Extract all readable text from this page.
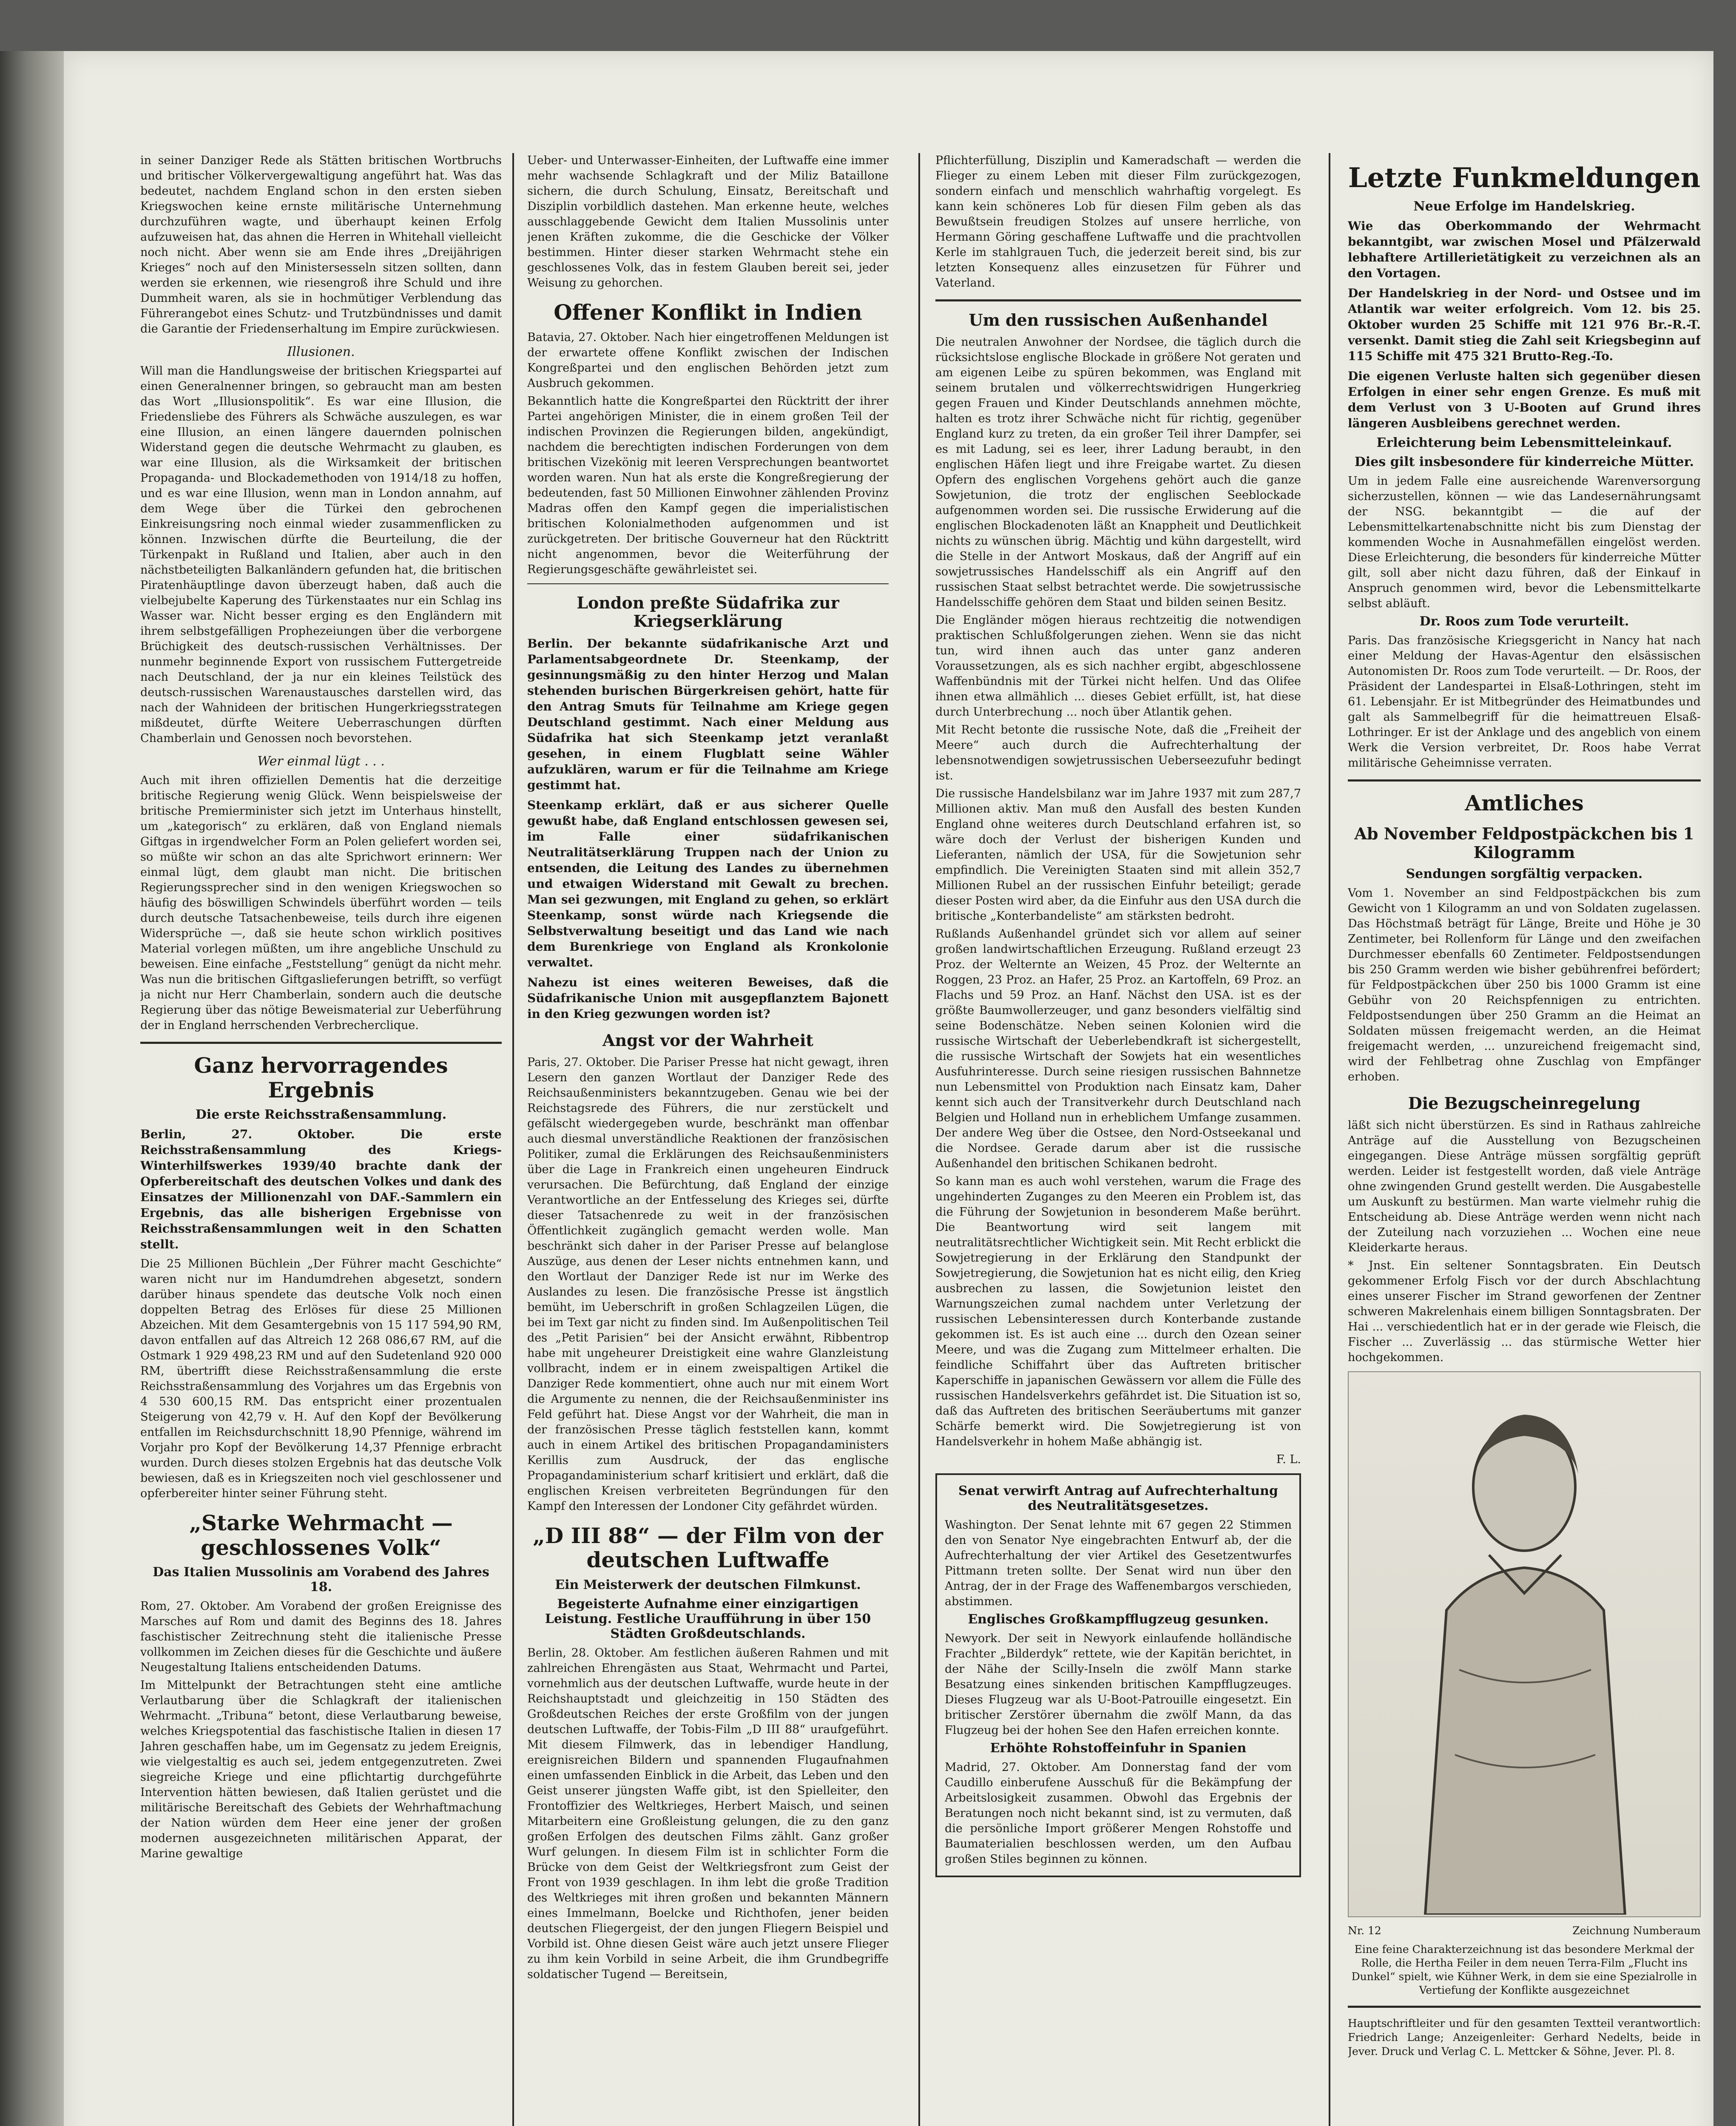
in seiner Danziger Rede als Stätten britischen Wortbruchs und britischer Völkervergewaltigung angeführt hat. Was das bedeutet, nachdem England schon in den ersten sieben Kriegswochen keine ernste militärische Unternehmung durchzuführen wagte, und überhaupt keinen Erfolg aufzuweisen hat, das ahnen die Herren in Whitehall vielleicht noch nicht. Aber wenn sie am Ende ihres „Dreijährigen Krieges“ noch auf den Ministersesseln sitzen sollten, dann werden sie erkennen, wie riesengroß ihre Schuld und ihre Dummheit waren, als sie in hochmütiger Verblendung das Führerangebot eines Schutz- und Trutzbündnisses und damit die Garantie der Friedenserhaltung im Empire zurückwiesen.

Illusionen.

Will man die Handlungsweise der britischen Kriegspartei auf einen Generalnenner bringen, so gebraucht man am besten das Wort „Illusionspolitik“. Es war eine Illusion, die Friedensliebe des Führers als Schwäche auszulegen, es war eine Illusion, an einen längere dauernden polnischen Widerstand gegen die deutsche Wehrmacht zu glauben, es war eine Illusion, als die Wirksamkeit der britischen Propaganda- und Blockademethoden von 1914/18 zu hoffen, und es war eine Illusion, wenn man in London annahm, auf dem Wege über die Türkei den gebrochenen Einkreisungsring noch einmal wieder zusammenflicken zu können. Inzwischen dürfte die Beurteilung, die der Türkenpakt in Rußland und Italien, aber auch in den nächstbeteiligten Balkanländern gefunden hat, die britischen Piratenhäuptlinge davon überzeugt haben, daß auch die vielbejubelte Kaperung des Türkenstaates nur ein Schlag ins Wasser war. Nicht besser erging es den Engländern mit ihrem selbstgefälligen Prophezeiungen über die verborgene Brüchigkeit des deutsch-russischen Verhältnisses. Der nunmehr beginnende Export von russischem Futtergetreide nach Deutschland, der ja nur ein kleines Teilstück des deutsch-russischen Warenaustausches darstellen wird, das nach der Wahnideen der britischen Hungerkriegsstrategen mißdeutet, dürfte Weitere Ueberraschungen dürften Chamberlain und Genossen noch bevorstehen.

Wer einmal lügt . . .

Auch mit ihren offiziellen Dementis hat die derzeitige britische Regierung wenig Glück. Wenn beispielsweise der britische Premierminister sich jetzt im Unterhaus hinstellt, um „kategorisch“ zu erklären, daß von England niemals Giftgas in irgendwelcher Form an Polen geliefert worden sei, so müßte wir schon an das alte Sprichwort erinnern: Wer einmal lügt, dem glaubt man nicht. Die britischen Regierungssprecher sind in den wenigen Kriegswochen so häufig des böswilligen Schwindels überführt worden — teils durch deutsche Tatsachenbeweise, teils durch ihre eigenen Widersprüche —, daß sie heute schon wirklich positives Material vorlegen müßten, um ihre angebliche Unschuld zu beweisen. Eine einfache „Feststellung“ genügt da nicht mehr. Was nun die britischen Giftgaslieferungen betrifft, so verfügt ja nicht nur Herr Chamberlain, sondern auch die deutsche Regierung über das nötige Beweismaterial zur Ueberführung der in England herrschenden Verbrecherclique.

Ganz hervorragendes Ergebnis
Die erste Reichsstraßensammlung.
Berlin, 27. Oktober. Die erste Reichsstraßensammlung des Kriegs-Winterhilfswerkes 1939/40 brachte dank der Opferbereitschaft des deutschen Volkes und dank des Einsatzes der Millionenzahl von DAF.-Sammlern ein Ergebnis, das alle bisherigen Ergebnisse von Reichsstraßensammlungen weit in den Schatten stellt.

Die 25 Millionen Büchlein „Der Führer macht Geschichte“ waren nicht nur im Handumdrehen abgesetzt, sondern darüber hinaus spendete das deutsche Volk noch einen doppelten Betrag des Erlöses für diese 25 Millionen Abzeichen. Mit dem Gesamtergebnis von 15 117 594,90 RM, davon entfallen auf das Altreich 12 268 086,67 RM, auf die Ostmark 1 929 498,23 RM und auf den Sudetenland 920 000 RM, übertrifft diese Reichsstraßensammlung die erste Reichsstraßensammlung des Vorjahres um das Ergebnis von 4 530 600,15 RM. Das entspricht einer prozentualen Steigerung von 42,79 v. H. Auf den Kopf der Bevölkerung entfallen im Reichsdurchschnitt 18,90 Pfennige, während im Vorjahr pro Kopf der Bevölkerung 14,37 Pfennige erbracht wurden. Durch dieses stolzen Ergebnis hat das deutsche Volk bewiesen, daß es in Kriegszeiten noch viel geschlossener und opferbereiter hinter seiner Führung steht.

„Starke Wehrmacht — geschlossenes Volk“
Das Italien Mussolinis am Vorabend des Jahres 18.

Rom, 27. Oktober. Am Vorabend der großen Ereignisse des Marsches auf Rom und damit des Beginns des 18. Jahres faschistischer Zeitrechnung steht die italienische Presse vollkommen im Zeichen dieses für die Geschichte und äußere Neugestaltung Italiens entscheidenden Datums.

Im Mittelpunkt der Betrachtungen steht eine amtliche Verlautbarung über die Schlagkraft der italienischen Wehrmacht. „Tribuna“ betont, diese Verlautbarung beweise, welches Kriegspotential das faschistische Italien in diesen 17 Jahren geschaffen habe, um im Gegensatz zu jedem Ereignis, wie vielgestaltig es auch sei, jedem entgegenzutreten. Zwei siegreiche Kriege und eine pflichtartig durchgeführte Intervention hätten bewiesen, daß Italien gerüstet und die militärische Bereitschaft des Gebiets der Wehrhaftmachung der Nation würden dem Heer eine jener der großen modernen ausgezeichneten militärischen Apparat, der Marine gewaltige

Ueber- und Unterwasser-Einheiten, der Luftwaffe eine immer mehr wachsende Schlagkraft und der Miliz Bataillone sichern, die durch Schulung, Einsatz, Bereitschaft und Disziplin vorbildlich dastehen. Man erkenne heute, welches ausschlaggebende Gewicht dem Italien Mussolinis unter jenen Kräften zukomme, die die Geschicke der Völker bestimmen. Hinter dieser starken Wehrmacht stehe ein geschlossenes Volk, das in festem Glauben bereit sei, jeder Weisung zu gehorchen.

Offener Konflikt in Indien

Batavia, 27. Oktober. Nach hier eingetroffenen Meldungen ist der erwartete offene Konflikt zwischen der Indischen Kongreßpartei und den englischen Behörden jetzt zum Ausbruch gekommen.

Bekanntlich hatte die Kongreßpartei den Rücktritt der ihrer Partei angehörigen Minister, die in einem großen Teil der indischen Provinzen die Regierungen bilden, angekündigt, nachdem die berechtigten indischen Forderungen von dem britischen Vizekönig mit leeren Versprechungen beantwortet worden waren. Nun hat als erste die Kongreßregierung der bedeutenden, fast 50 Millionen Einwohner zählenden Provinz Madras offen den Kampf gegen die imperialistischen britischen Kolonialmethoden aufgenommen und ist zurückgetreten. Der britische Gouverneur hat den Rücktritt nicht angenommen, bevor die Weiterführung der Regierungsgeschäfte gewährleistet sei.

London preßte Südafrika zur Kriegserklärung
Berlin. Der bekannte südafrikanische Arzt und Parlamentsabgeordnete Dr. Steenkamp, der gesinnungsmäßig zu den hinter Herzog und Malan stehenden burischen Bürgerkreisen gehört, hatte für den Antrag Smuts für Teilnahme am Kriege gegen Deutschland gestimmt. Nach einer Meldung aus Südafrika hat sich Steenkamp jetzt veranlaßt gesehen, in einem Flugblatt seine Wähler aufzuklären, warum er für die Teilnahme am Kriege gestimmt hat.
Steenkamp erklärt, daß er aus sicherer Quelle gewußt habe, daß England entschlossen gewesen sei, im Falle einer südafrikanischen Neutralitätserklärung Truppen nach der Union zu entsenden, die Leitung des Landes zu übernehmen und etwaigen Widerstand mit Gewalt zu brechen. Man sei gezwungen, mit England zu gehen, so erklärt Steenkamp, sonst würde nach Kriegsende die Selbstverwaltung beseitigt und das Land wie nach dem Burenkriege von England als Kronkolonie verwaltet.
Nahezu ist eines weiteren Beweises, daß die Südafrikanische Union mit ausgepflanztem Bajonett in den Krieg gezwungen worden ist?
Angst vor der Wahrheit

Paris, 27. Oktober. Die Pariser Presse hat nicht gewagt, ihren Lesern den ganzen Wortlaut der Danziger Rede des Reichsaußenministers bekanntzugeben. Genau wie bei der Reichstagsrede des Führers, die nur zerstückelt und gefälscht wiedergegeben wurde, beschränkt man offenbar auch diesmal unverständliche Reaktionen der französischen Politiker, zumal die Erklärungen des Reichsaußenministers über die Lage in Frankreich einen ungeheuren Eindruck verursachen. Die Befürchtung, daß England der einzige Verantwortliche an der Entfesselung des Krieges sei, dürfte dieser Tatsachenrede zu weit in der französischen Öffentlichkeit zugänglich gemacht werden wolle. Man beschränkt sich daher in der Pariser Presse auf belanglose Auszüge, aus denen der Leser nichts entnehmen kann, und den Wortlaut der Danziger Rede ist nur im Werke des Auslandes zu lesen. Die französische Presse ist ängstlich bemüht, im Ueberschrift in großen Schlagzeilen Lügen, die bei im Text gar nicht zu finden sind. Im Außenpolitischen Teil des „Petit Parisien“ bei der Ansicht erwähnt, Ribbentrop habe mit ungeheurer Dreistigkeit eine wahre Glanzleistung vollbracht, indem er in einem zweispaltigen Artikel die Danziger Rede kommentiert, ohne auch nur mit einem Wort die Argumente zu nennen, die der Reichsaußenminister ins Feld geführt hat. Diese Angst vor der Wahrheit, die man in der französischen Presse täglich feststellen kann, kommt auch in einem Artikel des britischen Propagandaministers Kerillis zum Ausdruck, der das englische Propagandaministerium scharf kritisiert und erklärt, daß die englischen Kreisen verbreiteten Begründungen für den Kampf den Interessen der Londoner City gefährdet würden.

„D III 88“ — der Film von der deutschen Luftwaffe
Ein Meisterwerk der deutschen Filmkunst.
Begeisterte Aufnahme einer einzigartigen Leistung. Festliche Uraufführung in über 150 Städten Großdeutschlands.

Berlin, 28. Oktober. Am festlichen äußeren Rahmen und mit zahlreichen Ehrengästen aus Staat, Wehrmacht und Partei, vornehmlich aus der deutschen Luftwaffe, wurde heute in der Reichshauptstadt und gleichzeitig in 150 Städten des Großdeutschen Reiches der erste Großfilm von der jungen deutschen Luftwaffe, der Tobis-Film „D III 88“ uraufgeführt. Mit diesem Filmwerk, das in lebendiger Handlung, ereignisreichen Bildern und spannenden Flugaufnahmen einen umfassenden Einblick in die Arbeit, das Leben und den Geist unserer jüngsten Waffe gibt, ist den Spielleiter, den Frontoffizier des Weltkrieges, Herbert Maisch, und seinen Mitarbeitern eine Großleistung gelungen, die zu den ganz großen Erfolgen des deutschen Films zählt. Ganz großer Wurf gelungen. In diesem Film ist in schlichter Form die Brücke von dem Geist der Weltkriegsfront zum Geist der Front von 1939 geschlagen. In ihm lebt die große Tradition des Weltkrieges mit ihren großen und bekannten Männern eines Immelmann, Boelcke und Richthofen, jener beiden deutschen Fliegergeist, der den jungen Fliegern Beispiel und Vorbild ist. Ohne diesen Geist wäre auch jetzt unsere Flieger zu ihm kein Vorbild in seine Arbeit, die ihm Grundbegriffe soldatischer Tugend — Bereitsein,

Pflichterfüllung, Disziplin und Kameradschaft — werden die Flieger zu einem Leben mit dieser Film zurückgezogen, sondern einfach und menschlich wahrhaftig vorgelegt. Es kann kein schöneres Lob für diesen Film geben als das Bewußtsein freudigen Stolzes auf unsere herrliche, von Hermann Göring geschaffene Luftwaffe und die prachtvollen Kerle im stahlgrauen Tuch, die jederzeit bereit sind, bis zur letzten Konsequenz alles einzusetzen für Führer und Vaterland.

Um den russischen Außenhandel

Die neutralen Anwohner der Nordsee, die täglich durch die rücksichtslose englische Blockade in größere Not geraten und am eigenen Leibe zu spüren bekommen, was England mit seinem brutalen und völkerrechtswidrigen Hungerkrieg gegen Frauen und Kinder Deutschlands annehmen möchte, halten es trotz ihrer Schwäche nicht für richtig, gegenüber England kurz zu treten, da ein großer Teil ihrer Dampfer, sei es mit Ladung, sei es leer, ihrer Ladung beraubt, in den englischen Häfen liegt und ihre Freigabe wartet. Zu diesen Opfern des englischen Vorgehens gehört auch die ganze Sowjetunion, die trotz der englischen Seeblockade aufgenommen worden sei. Die russische Erwiderung auf die englischen Blockadenoten läßt an Knappheit und Deutlichkeit nichts zu wünschen übrig. Mächtig und kühn dargestellt, wird die Stelle in der Antwort Moskaus, daß der Angriff auf ein sowjetrussisches Handelsschiff als ein Angriff auf den russischen Staat selbst betrachtet werde. Die sowjetrussische Handelsschiffe gehören dem Staat und bilden seinen Besitz.

Die Engländer mögen hieraus rechtzeitig die notwendigen praktischen Schlußfolgerungen ziehen. Wenn sie das nicht tun, wird ihnen auch das unter ganz anderen Voraussetzungen, als es sich nachher ergibt, abgeschlossene Waffenbündnis mit der Türkei nicht helfen. Und das Olifee ihnen etwa allmählich ... dieses Gebiet erfüllt, ist, hat diese durch Unterbrechung ... noch über Atlantik gehen.

Mit Recht betonte die russische Note, daß die „Freiheit der Meere“ auch durch die Aufrechterhaltung der lebensnotwendigen sowjetrussischen Ueberseezufuhr bedingt ist.

Die russische Handelsbilanz war im Jahre 1937 mit zum 287,7 Millionen aktiv. Man muß den Ausfall des besten Kunden England ohne weiteres durch Deutschland erfahren ist, so wäre doch der Verlust der bisherigen Kunden und Lieferanten, nämlich der USA, für die Sowjetunion sehr empfindlich. Die Vereinigten Staaten sind mit allein 352,7 Millionen Rubel an der russischen Einfuhr beteiligt; gerade dieser Posten wird aber, da die Einfuhr aus den USA durch die britische „Konterbandeliste“ am stärksten bedroht.

Rußlands Außenhandel gründet sich vor allem auf seiner großen landwirtschaftlichen Erzeugung. Rußland erzeugt 23 Proz. der Welternte an Weizen, 45 Proz. der Welternte an Roggen, 23 Proz. an Hafer, 25 Proz. an Kartoffeln, 69 Proz. an Flachs und 59 Proz. an Hanf. Nächst den USA. ist es der größte Baumwollerzeuger, und ganz besonders vielfältig sind seine Bodenschätze. Neben seinen Kolonien wird die russische Wirtschaft der Ueberlebendkraft ist sichergestellt, die russische Wirtschaft der Sowjets hat ein wesentliches Ausfuhrinteresse. Durch seine riesigen russischen Bahnnetze nun Lebensmittel von Produktion nach Einsatz kam, Daher kennt sich auch der Transitverkehr durch Deutschland nach Belgien und Holland nun in erheblichem Umfange zusammen. Der andere Weg über die Ostsee, den Nord-Ostseekanal und die Nordsee. Gerade darum aber ist die russische Außenhandel den britischen Schikanen bedroht.

So kann man es auch wohl verstehen, warum die Frage des ungehinderten Zuganges zu den Meeren ein Problem ist, das die Führung der Sowjetunion in besonderem Maße berührt. Die Beantwortung wird seit langem mit neutralitätsrechtlicher Wichtigkeit sein. Mit Recht erblickt die Sowjetregierung in der Erklärung den Standpunkt der Sowjetregierung, die Sowjetunion hat es nicht eilig, den Krieg ausbrechen zu lassen, die Sowjetunion leistet den Warnungszeichen zumal nachdem unter Verletzung der russischen Lebensinteressen durch Konterbande zustande gekommen ist. Es ist auch eine ... durch den Ozean seiner Meere, und was die Zugang zum Mittelmeer erhalten. Die feindliche Schiffahrt über das Auftreten britischer Kaperschiffe in japanischen Gewässern vor allem die Fülle des russischen Handelsverkehrs gefährdet ist. Die Situation ist so, daß das Auftreten des britischen Seeräubertums mit ganzer Schärfe bemerkt wird. Die Sowjetregierung ist von Handelsverkehr in hohem Maße abhängig ist.

F. L.

Senat verwirft Antrag auf Aufrechterhaltung des Neutralitätsgesetzes.

Washington. Der Senat lehnte mit 67 gegen 22 Stimmen den von Senator Nye eingebrachten Entwurf ab, der die Aufrechterhaltung der vier Artikel des Gesetzentwurfes Pittmann treten sollte. Der Senat wird nun über den Antrag, der in der Frage des Waffenembargos verschieden, abstimmen.

Englisches Großkampfflugzeug gesunken.

Newyork. Der seit in Newyork einlaufende holländische Frachter „Bilderdyk“ rettete, wie der Kapitän berichtet, in der Nähe der Scilly-Inseln die zwölf Mann starke Besatzung eines sinkenden britischen Kampfflugzeuges. Dieses Flugzeug war als U-Boot-Patrouille eingesetzt. Ein britischer Zerstörer übernahm die zwölf Mann, da das Flugzeug bei der hohen See den Hafen erreichen konnte.

Erhöhte Rohstoffeinfuhr in Spanien

Madrid, 27. Oktober. Am Donnerstag fand der vom Caudillo einberufene Ausschuß für die Bekämpfung der Arbeitslosigkeit zusammen. Obwohl das Ergebnis der Beratungen noch nicht bekannt sind, ist zu vermuten, daß die persönliche Import größerer Mengen Rohstoffe und Baumaterialien beschlossen werden, um den Aufbau großen Stiles beginnen zu können.

Letzte Funkmeldungen
Neue Erfolge im Handelskrieg.
Wie das Oberkommando der Wehrmacht bekanntgibt, war zwischen Mosel und Pfälzerwald lebhaftere Artillerietätigkeit zu verzeichnen als an den Vortagen.
Der Handelskrieg in der Nord- und Ostsee und im Atlantik war weiter erfolgreich. Vom 12. bis 25. Oktober wurden 25 Schiffe mit 121 976 Br.-R.-T. versenkt. Damit stieg die Zahl seit Kriegsbeginn auf 115 Schiffe mit 475 321 Brutto-Reg.-To.
Die eigenen Verluste halten sich gegenüber diesen Erfolgen in einer sehr engen Grenze. Es muß mit dem Verlust von 3 U-Booten auf Grund ihres längeren Ausbleibens gerechnet werden.
Erleichterung beim Lebensmitteleinkauf.
Dies gilt insbesondere für kinderreiche Mütter.

Um in jedem Falle eine ausreichende Warenversorgung sicherzustellen, können — wie das Landesernährungsamt der NSG. bekanntgibt — die auf der Lebensmittelkartenabschnitte nicht bis zum Dienstag der kommenden Woche in Ausnahmefällen eingelöst werden. Diese Erleichterung, die besonders für kinderreiche Mütter gilt, soll aber nicht dazu führen, daß der Einkauf in Anspruch genommen wird, bevor die Lebensmittelkarte selbst abläuft.

Dr. Roos zum Tode verurteilt.

Paris. Das französische Kriegsgericht in Nancy hat nach einer Meldung der Havas-Agentur den elsässischen Autonomisten Dr. Roos zum Tode verurteilt. — Dr. Roos, der Präsident der Landespartei in Elsaß-Lothringen, steht im 61. Lebensjahr. Er ist Mitbegründer des Heimatbundes und galt als Sammelbegriff für die heimattreuen Elsaß-Lothringer. Er ist der Anklage und des angeblich von einem Werk die Version verbreitet, Dr. Roos habe Verrat militärische Geheimnisse verraten.

Amtliches
Ab November Feldpostpäckchen bis 1 Kilogramm
Sendungen sorgfältig verpacken.

Vom 1. November an sind Feldpostpäckchen bis zum Gewicht von 1 Kilogramm an und von Soldaten zugelassen. Das Höchstmaß beträgt für Länge, Breite und Höhe je 30 Zentimeter, bei Rollenform für Länge und den zweifachen Durchmesser ebenfalls 60 Zentimeter. Feldpostsendungen bis 250 Gramm werden wie bisher gebührenfrei befördert; für Feldpostpäckchen über 250 bis 1000 Gramm ist eine Gebühr von 20 Reichspfennigen zu entrichten. Feldpostsendungen über 250 Gramm an die Heimat an Soldaten müssen freigemacht werden, an die Heimat freigemacht werden, ... unzureichend freigemacht sind, wird der Fehlbetrag ohne Zuschlag von Empfänger erhoben.

Die Bezugscheinregelung

läßt sich nicht überstürzen. Es sind in Rathaus zahlreiche Anträge auf die Ausstellung von Bezugscheinen eingegangen. Diese Anträge müssen sorgfältig geprüft werden. Leider ist festgestellt worden, daß viele Anträge ohne zwingenden Grund gestellt werden. Die Ausgabestelle um Auskunft zu bestürmen. Man warte vielmehr ruhig die Entscheidung ab. Diese Anträge werden wenn nicht nach der Zuteilung nach vorzuziehen ... Wochen eine neue Kleiderkarte heraus.

* Jnst. Ein seltener Sonntagsbraten. Ein Deutsch gekommener Erfolg Fisch vor der durch Abschlachtung eines unserer Fischer im Strand geworfenen der Zentner schweren Makrelenhais einem billigen Sonntagsbraten. Der Hai ... verschiedentlich hat er in der gerade wie Fleisch, die Fischer ... Zuverlässig ... das stürmische Wetter hier hochgekommen.

Nr. 12	Zeichnung Numberaum
Eine feine Charakterzeichnung ist das besondere Merkmal der Rolle, die Hertha Feiler in dem neuen Terra-Film „Flucht ins Dunkel“ spielt, wie Kühner Werk, in dem sie eine Spezialrolle in Vertiefung der Konflikte ausgezeichnet

Hauptschriftleiter und für den gesamten Textteil verantwortlich: Friedrich Lange; Anzeigenleiter: Gerhard Nedelts, beide in Jever. Druck und Verlag C. L. Mettcker & Söhne, Jever. Pl. 8.
